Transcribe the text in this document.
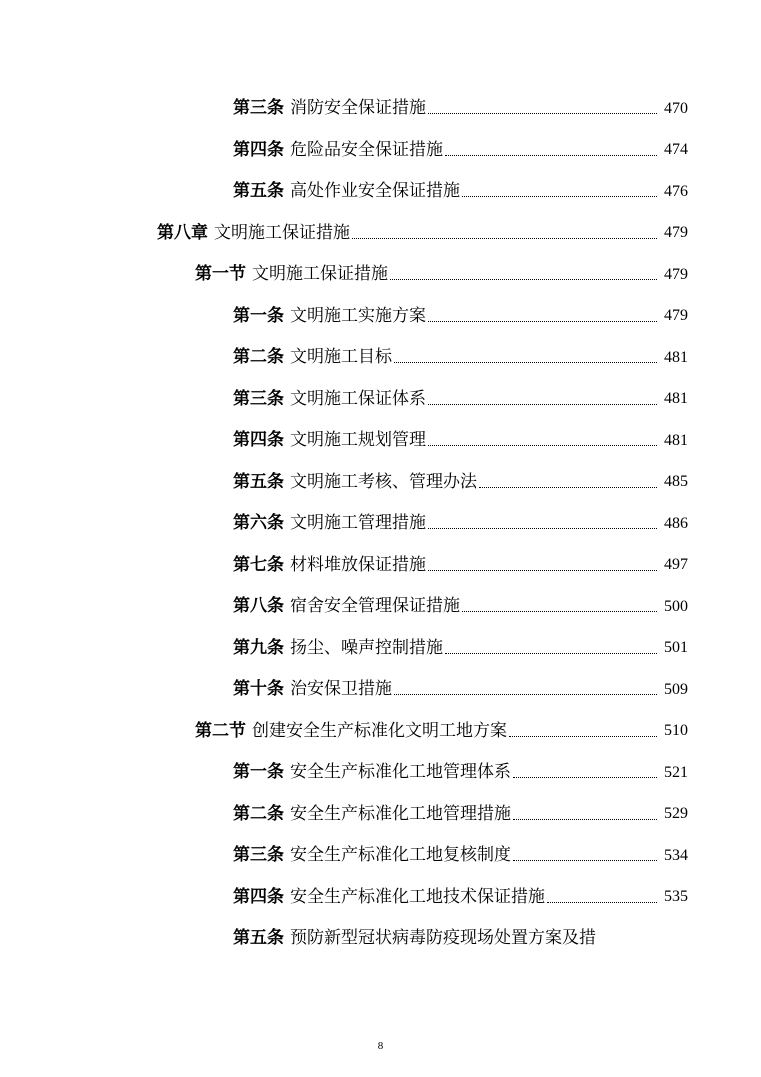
第三条 消防安全保证措施	470
第四条 危险品安全保证措施	474
第五条 高处作业安全保证措施	476
第八章 文明施工保证措施	479
第一节 文明施工保证措施	479
第一条 文明施工实施方案	479
第二条 文明施工目标	481
第三条 文明施工保证体系	481
第四条 文明施工规划管理	481
第五条 文明施工考核、管理办法	485
第六条 文明施工管理措施	486
第七条 材料堆放保证措施	497
第八条 宿舍安全管理保证措施	500
第九条 扬尘、噪声控制措施	501
第十条 治安保卫措施	509
第二节 创建安全生产标准化文明工地方案	510
第一条 安全生产标准化工地管理体系	521
第二条 安全生产标准化工地管理措施	529
第三条 安全生产标准化工地复核制度	534
第四条 安全生产标准化工地技术保证措施	535
第五条 预防新型冠状病毒防疫现场处置方案及措
8
